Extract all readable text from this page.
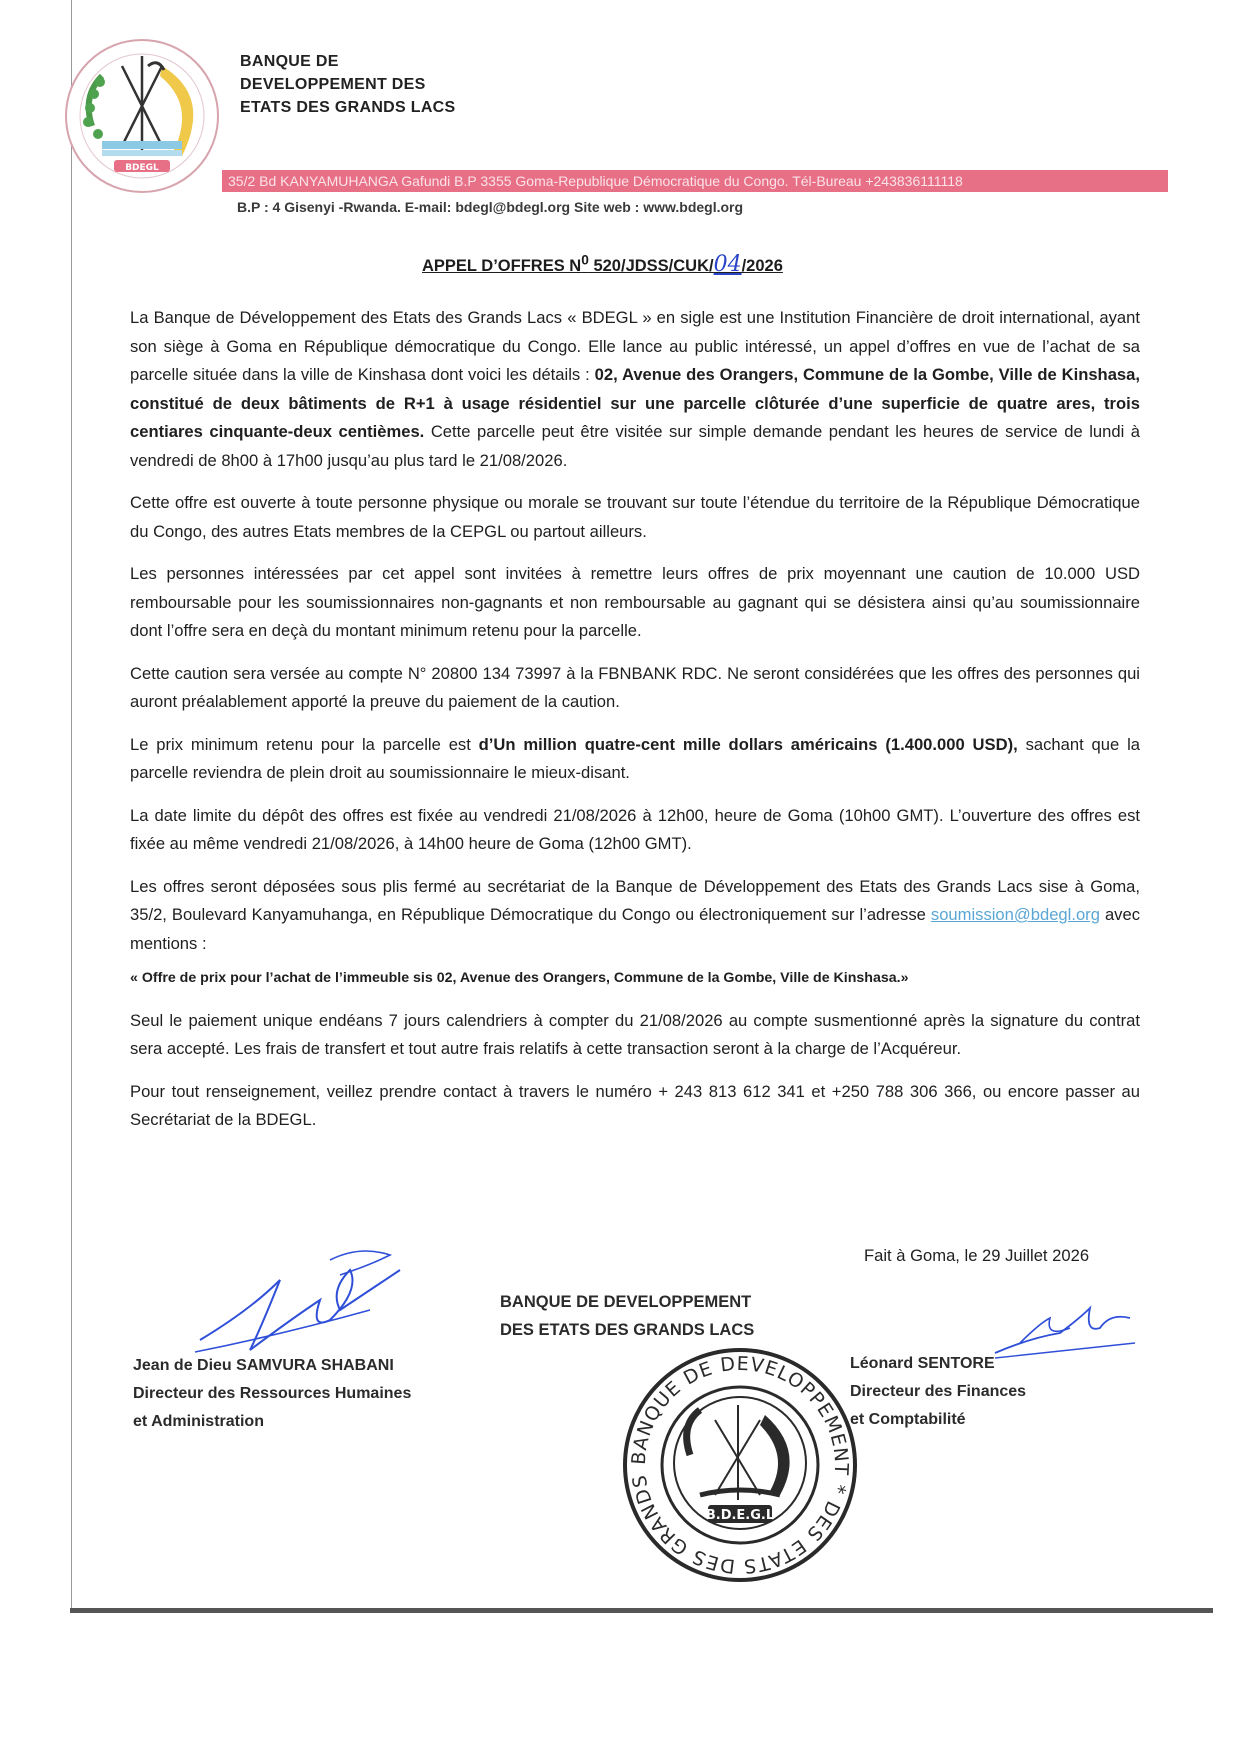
BDEGL
BANQUE DE DEVELOPPEMENT DES ETATS DES GRANDS LACS
35/2 Bd KANYAMUHANGA Gafundi B.P 3355 Goma-Republique Démocratique du Congo. Tél-Bureau +243836111118
B.P : 4 Gisenyi -Rwanda. E-mail: bdegl@bdegl.org Site web : www.bdegl.org
APPEL D’OFFRES $N^0$ 520/JDSS/CUK/04/2026

La Banque de Développement des Etats des Grands Lacs « BDEGL » en sigle est une Institution Financière de droit international, ayant son siège à Goma en République démocratique du Congo. Elle lance au public intéressé, un appel d’offres en vue de l’achat de sa parcelle située dans la ville de Kinshasa dont voici les détails : 02, Avenue des Orangers, Commune de la Gombe, Ville de Kinshasa, constitué de deux bâtiments de R+1 à usage résidentiel sur une parcelle clôturée d’une superficie de quatre ares, trois centiares cinquante-deux centièmes. Cette parcelle peut être visitée sur simple demande pendant les heures de service de lundi à vendredi de 8h00 à 17h00 jusqu’au plus tard le 21/08/2026.

Cette offre est ouverte à toute personne physique ou morale se trouvant sur toute l’étendue du territoire de la République Démocratique du Congo, des autres Etats membres de la CEPGL ou partout ailleurs.

Les personnes intéressées par cet appel sont invitées à remettre leurs offres de prix moyennant une caution de 10.000 USD remboursable pour les soumissionnaires non-gagnants et non remboursable au gagnant qui se désistera ainsi qu’au soumissionnaire dont l’offre sera en deçà du montant minimum retenu pour la parcelle.

Cette caution sera versée au compte N° 20800 134 73997 à la FBNBANK RDC. Ne seront considérées que les offres des personnes qui auront préalablement apporté la preuve du paiement de la caution.

Le prix minimum retenu pour la parcelle est d’Un million quatre-cent mille dollars américains (1.400.000 USD), sachant que la parcelle reviendra de plein droit au soumissionnaire le mieux-disant.

La date limite du dépôt des offres est fixée au vendredi 21/08/2026 à 12h00, heure de Goma (10h00 GMT). L’ouverture des offres est fixée au même vendredi 21/08/2026, à 14h00 heure de Goma (12h00 GMT).

Les offres seront déposées sous plis fermé au secrétariat de la Banque de Développement des Etats des Grands Lacs sise à Goma, 35/2, Boulevard Kanyamuhanga, en République Démocratique du Congo ou électroniquement sur l’adresse soumission@bdegl.org avec mentions :

« Offre de prix pour l’achat de l’immeuble sis 02, Avenue des Orangers, Commune de la Gombe, Ville de Kinshasa.»

Seul le paiement unique endéans 7 jours calendriers à compter du 21/08/2026 au compte susmentionné après la signature du contrat sera accepté. Les frais de transfert et tout autre frais relatifs à cette transaction seront à la charge de l’Acquéreur.

Pour tout renseignement, veillez prendre contact à travers le numéro + 243 813 612 341 et +250 788 306 366, ou encore passer au Secrétariat de la BDEGL.

Fait à Goma, le 29 Juillet 2026
BANQUE DE DEVELOPPEMENT
DES ETATS DES GRANDS LACS
Jean de Dieu SAMVURA SHABANI
Directeur des Ressources Humaines
et Administration
Léonard SENTORE
Directeur des Finances
et Comptabilité
BANQUE DE DEVELOPPEMENT * DES ETATS DES GRANDS
B.D.E.G.L
